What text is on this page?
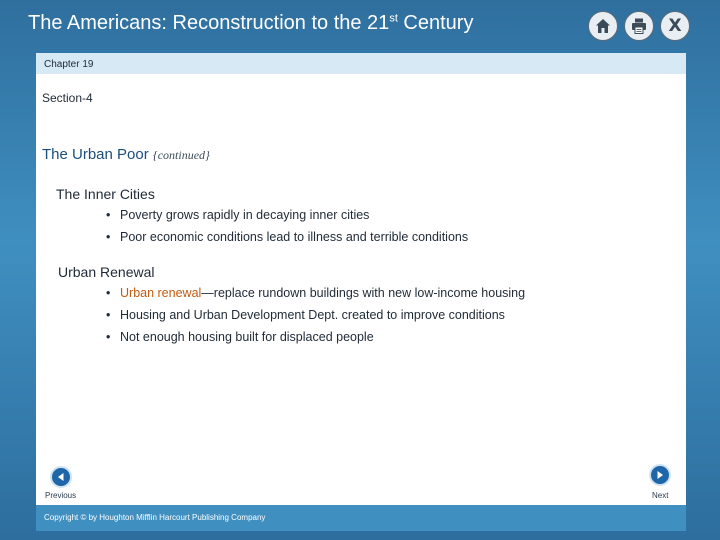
The Americans: Reconstruction to the 21st Century	X
Chapter 19
Section-4
The Urban Poor {continued}
The Inner Cities
• Poverty grows rapidly in decaying inner cities
• Poor economic conditions lead to illness and terrible conditions
Urban Renewal
• Urban renewal—replace rundown buildings with new low-income housing
• Housing and Urban Development Dept. created to improve conditions
• Not enough housing built for displaced people
Previous	Next
Copyright © by Houghton Mifflin Harcourt Publishing Company
